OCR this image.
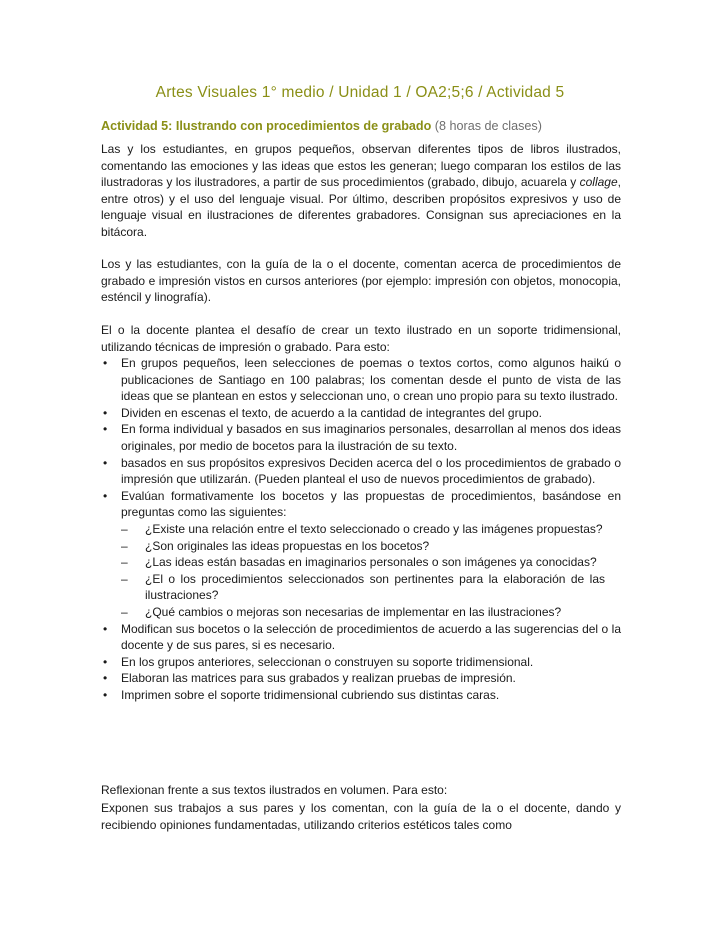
Artes Visuales 1° medio / Unidad 1 / OA2;5;6 / Actividad 5
Actividad 5: Ilustrando con procedimientos de grabado (8 horas de clases)

Las y los estudiantes, en grupos pequeños, observan diferentes tipos de libros ilustrados, comentando las emociones y las ideas que estos les generan; luego comparan los estilos de las ilustradoras y los ilustradores, a partir de sus procedimientos (grabado, dibujo, acuarela y collage, entre otros) y el uso del lenguaje visual. Por último, describen propósitos expresivos y uso de lenguaje visual en ilustraciones de diferentes grabadores. Consignan sus apreciaciones en la bitácora.

Los y las estudiantes, con la guía de la o el docente, comentan acerca de procedimientos de grabado e impresión vistos en cursos anteriores (por ejemplo: impresión con objetos, monocopia, esténcil y linografía).

El o la docente plantea el desafío de crear un texto ilustrado en un soporte tridimensional, utilizando técnicas de impresión o grabado. Para esto:

• En grupos pequeños, leen selecciones de poemas o textos cortos, como algunos haikú o publicaciones de Santiago en 100 palabras; los comentan desde el punto de vista de las ideas que se plantean en estos y seleccionan uno, o crean uno propio para su texto ilustrado.
• Dividen en escenas el texto, de acuerdo a la cantidad de integrantes del grupo.
• En forma individual y basados en sus imaginarios personales, desarrollan al menos dos ideas originales, por medio de bocetos para la ilustración de su texto.
• basados en sus propósitos expresivos Deciden acerca del o los procedimientos de grabado o impresión que utilizarán. (Pueden planteal el uso de nuevos procedimientos de grabado).
• Evalúan formativamente los bocetos y las propuestas de procedimientos, basándose en preguntas como las siguientes:
– ¿Existe una relación entre el texto seleccionado o creado y las imágenes propuestas?
– ¿Son originales las ideas propuestas en los bocetos?
– ¿Las ideas están basadas en imaginarios personales o son imágenes ya conocidas?
– ¿El o los procedimientos seleccionados son pertinentes para la elaboración de las ilustraciones?
– ¿Qué cambios o mejoras son necesarias de implementar en las ilustraciones?
• Modifican sus bocetos o la selección de procedimientos de acuerdo a las sugerencias del o la docente y de sus pares, si es necesario.
• En los grupos anteriores, seleccionan o construyen su soporte tridimensional.
• Elaboran las matrices para sus grabados y realizan pruebas de impresión.
• Imprimen sobre el soporte tridimensional cubriendo sus distintas caras.

Reflexionan frente a sus textos ilustrados en volumen. Para esto:

Exponen sus trabajos a sus pares y los comentan, con la guía de la o el docente, dando y recibiendo opiniones fundamentadas, utilizando criterios estéticos tales como
